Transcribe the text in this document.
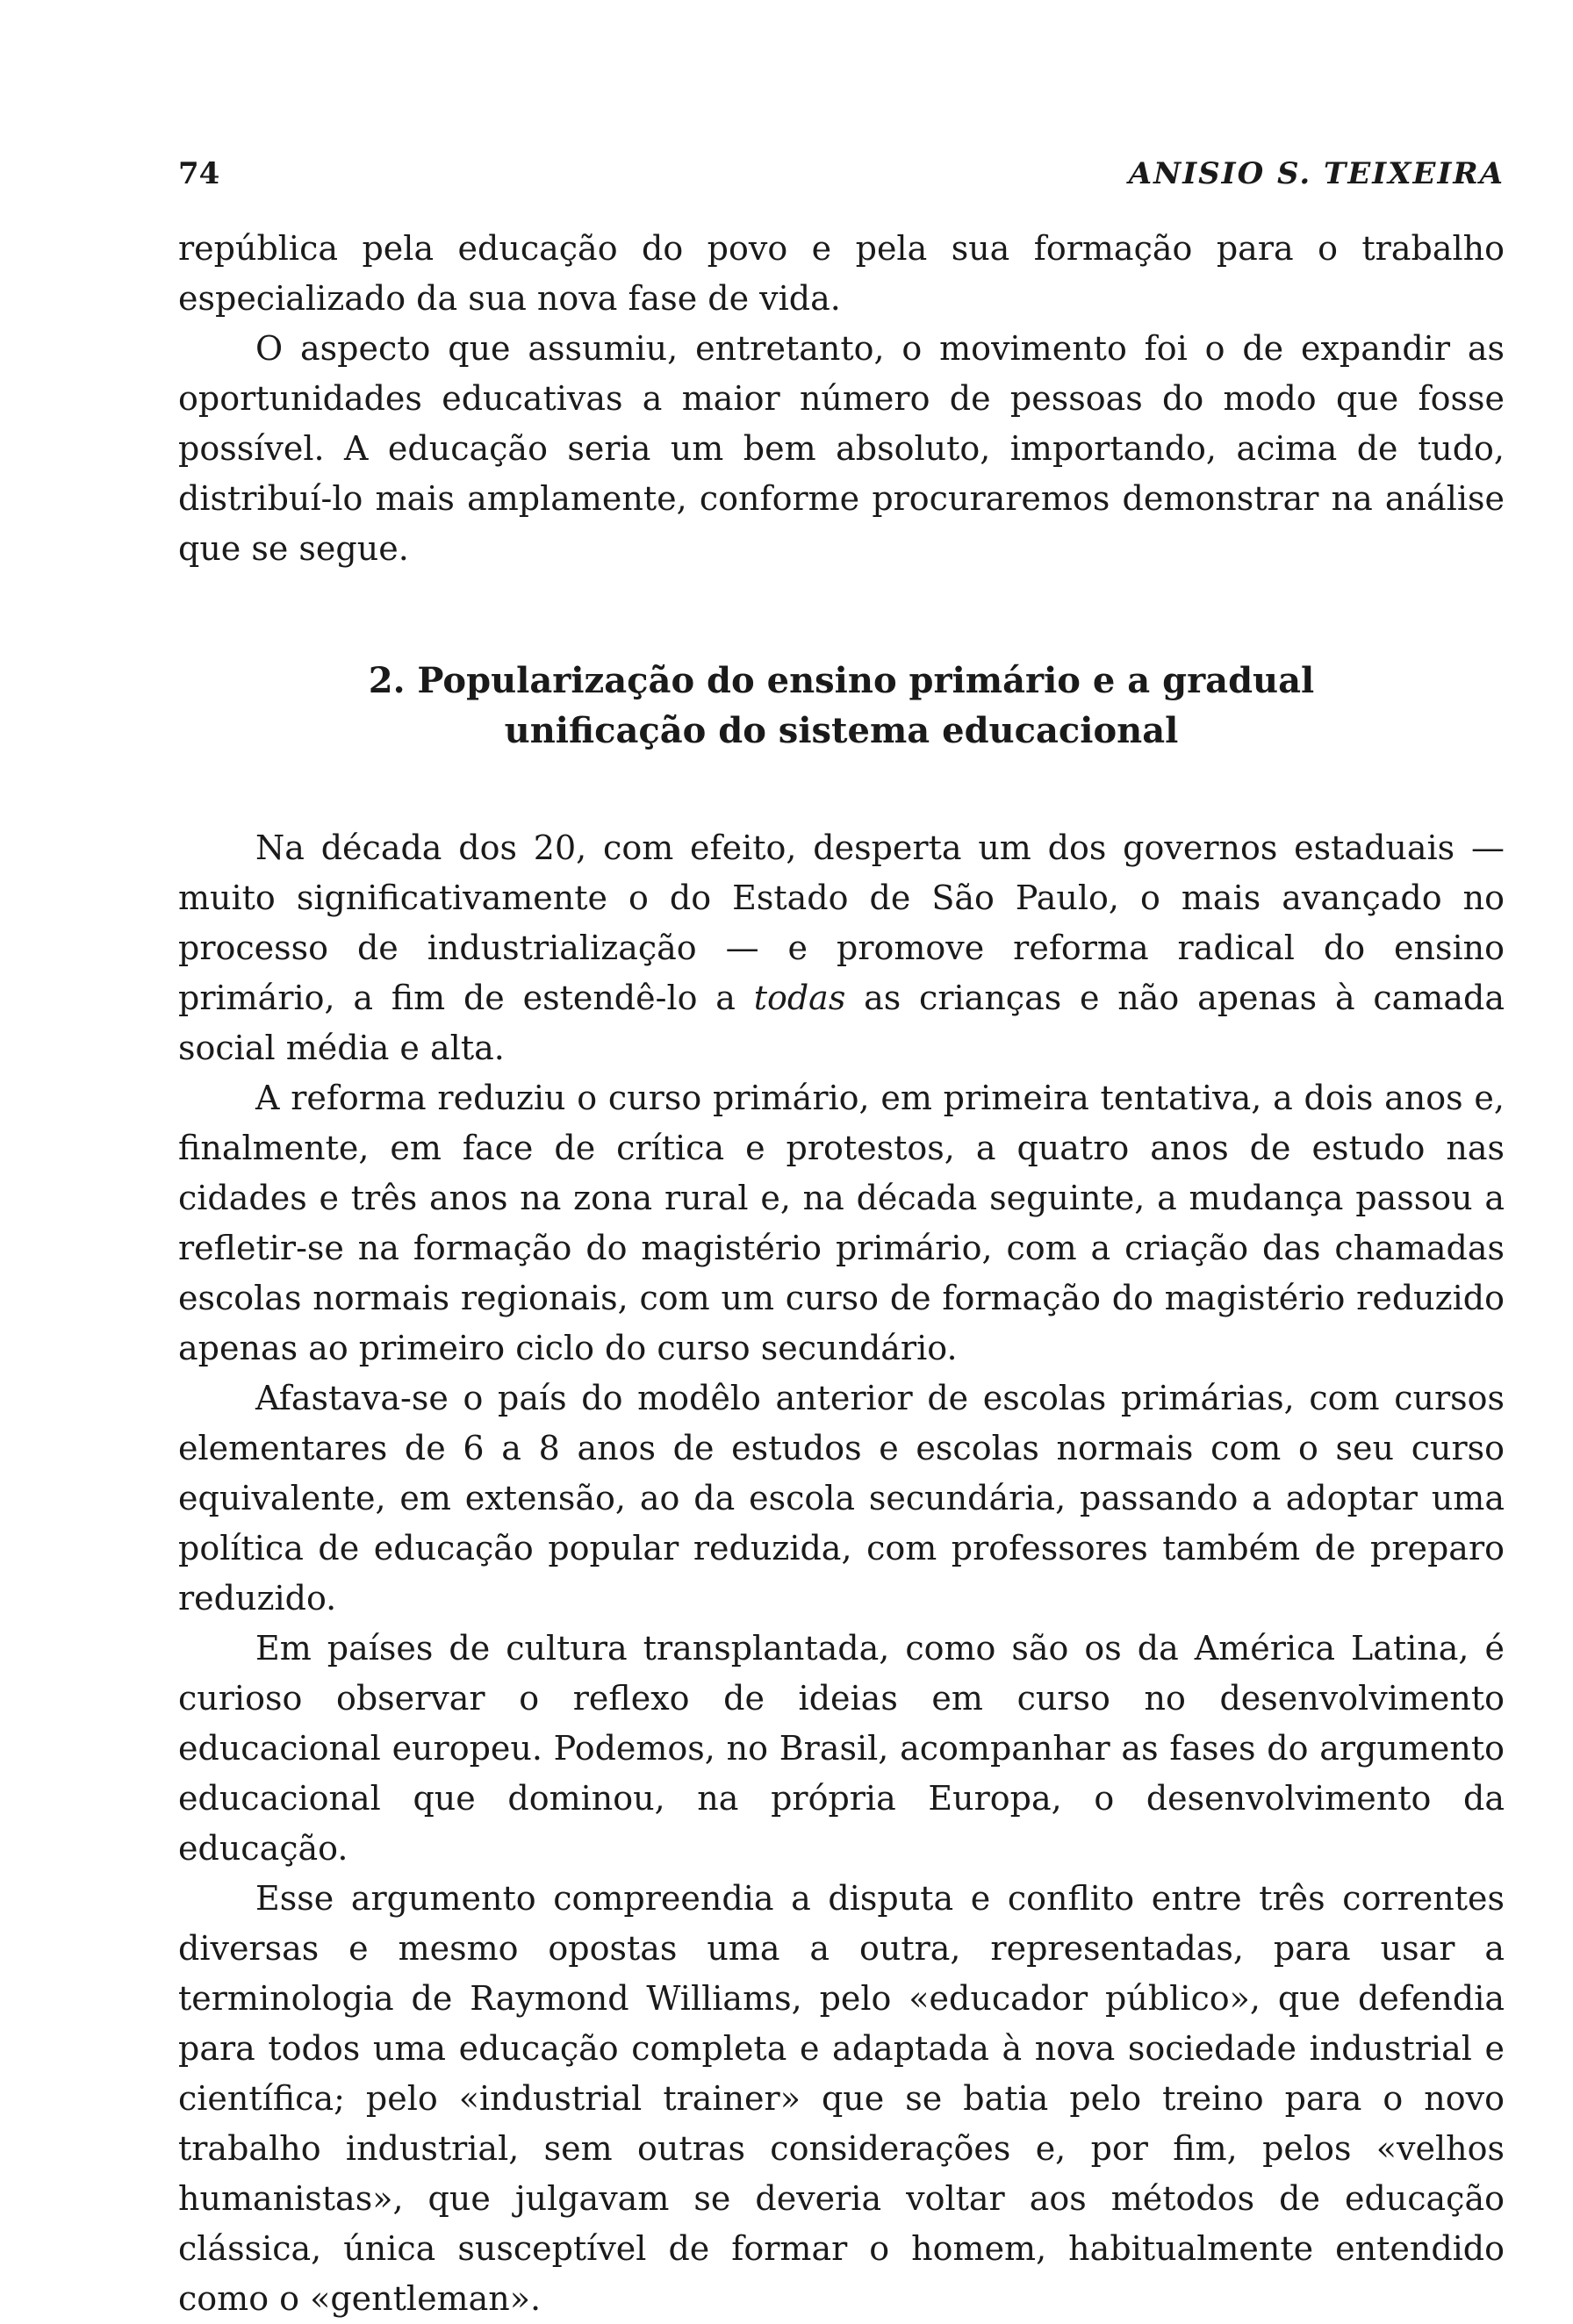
74	ANISIO S. TEIXEIRA

república pela educação do povo e pela sua formação para o trabalho especializado da sua nova fase de vida.

O aspecto que assumiu, entretanto, o movimento foi o de expandir as oportunidades educativas a maior número de pessoas do modo que fosse possível. A educação seria um bem absoluto, importando, acima de tudo, distribuí-lo mais amplamente, conforme procuraremos demonstrar na análise que se segue.

2. Popularização do ensino primário e a gradual
unificação do sistema educacional

Na década dos 20, com efeito, desperta um dos governos estaduais — muito significativamente o do Estado de São Paulo, o mais avançado no processo de industrialização — e promove reforma radical do ensino primário, a fim de estendê-lo a todas as crianças e não apenas à camada social média e alta.

A reforma reduziu o curso primário, em primeira tentativa, a dois anos e, finalmente, em face de crítica e protestos, a quatro anos de estudo nas cidades e três anos na zona rural e, na década seguinte, a mudança passou a refletir-se na formação do magistério primário, com a criação das chamadas escolas normais regionais, com um curso de formação do magistério reduzido apenas ao primeiro ciclo do curso secundário.

Afastava-se o país do modêlo anterior de escolas primárias, com cursos elementares de 6 a 8 anos de estudos e escolas normais com o seu curso equivalente, em extensão, ao da escola secundária, passando a adoptar uma política de educação popular reduzida, com professores também de preparo reduzido.

Em países de cultura transplantada, como são os da América Latina, é curioso observar o reflexo de ideias em curso no desenvolvimento educacional europeu. Podemos, no Brasil, acompanhar as fases do argumento educacional que dominou, na própria Europa, o desenvolvimento da educação.

Esse argumento compreendia a disputa e conflito entre três correntes diversas e mesmo opostas uma a outra, representadas, para usar a terminologia de Raymond Williams, pelo «educador público», que defendia para todos uma educação completa e adaptada à nova sociedade industrial e científica; pelo «industrial trainer» que se batia pelo treino para o novo trabalho industrial, sem outras considerações e, por fim, pelos «velhos humanistas», que julgavam se deveria voltar aos métodos de educação clássica, única susceptível de formar o homem, habitualmente entendido como o «gentleman».
